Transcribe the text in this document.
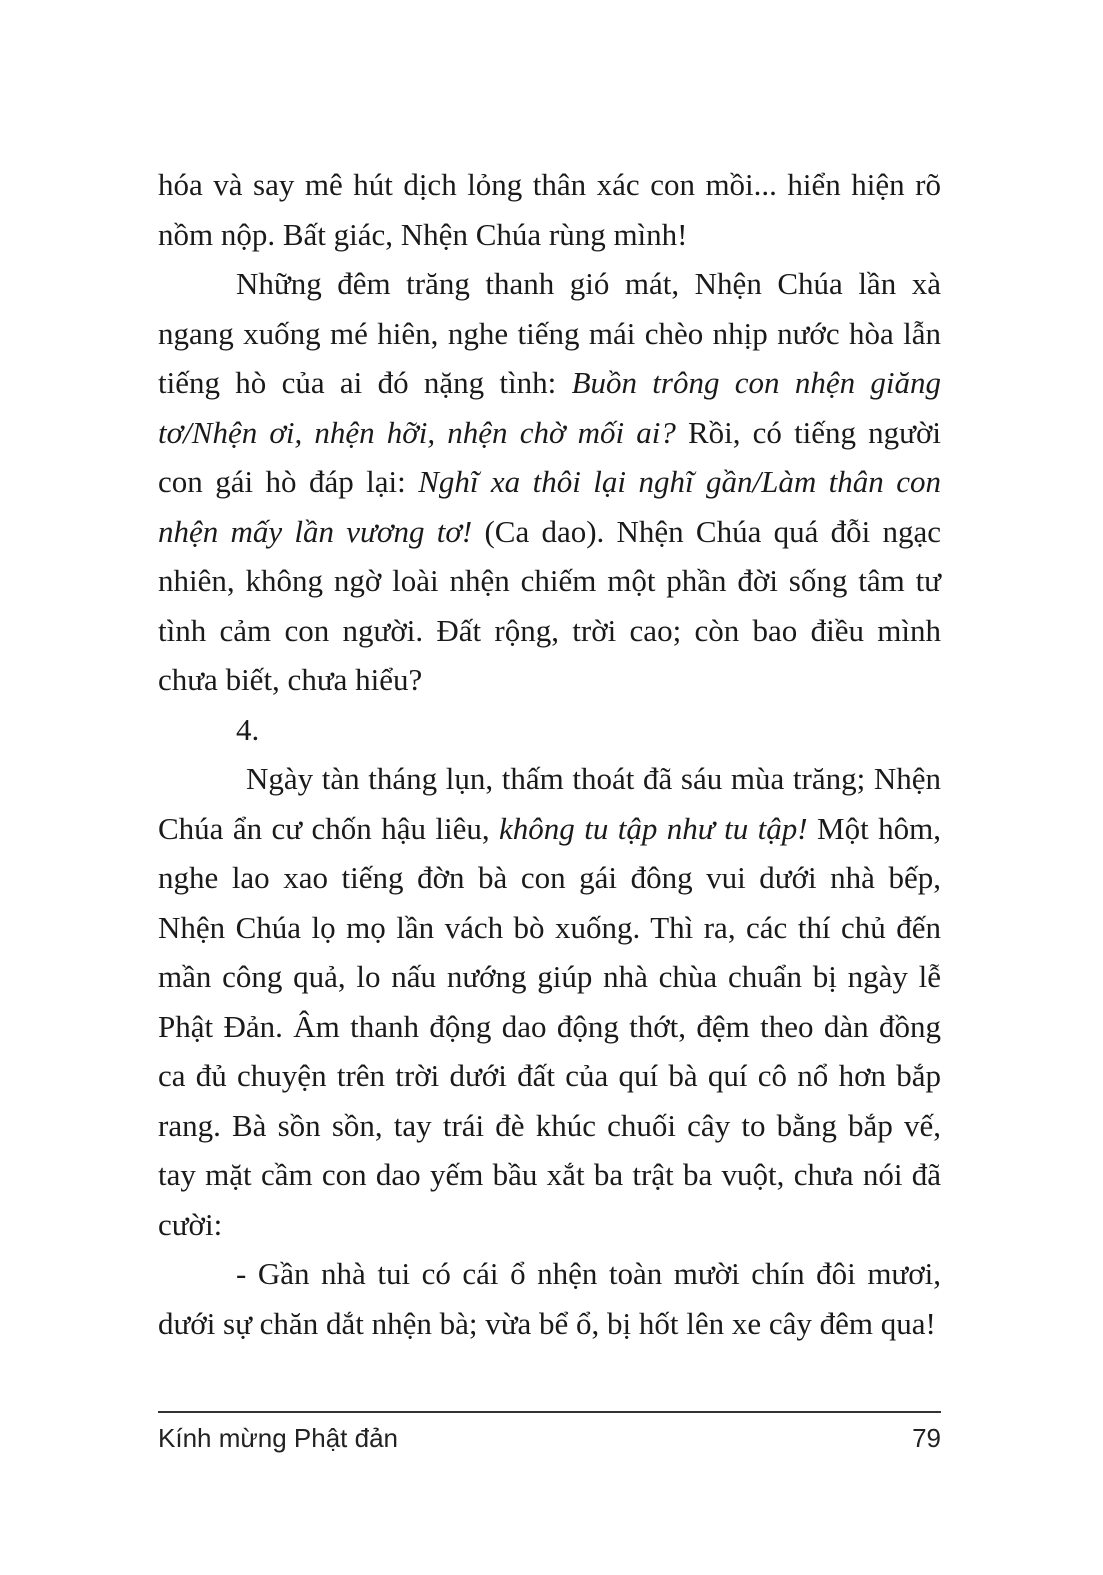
hóa và say mê hút dịch lỏng thân xác con mồi... hiển hiện rõ nồm nộp. Bất giác, Nhện Chúa rùng mình!

Những đêm trăng thanh gió mát, Nhện Chúa lần xà ngang xuống mé hiên, nghe tiếng mái chèo nhịp nước hòa lẫn tiếng hò của ai đó nặng tình: Buồn trông con nhện giăng tơ/Nhện ơi, nhện hỡi, nhện chờ mối ai? Rồi, có tiếng người con gái hò đáp lại: Nghĩ xa thôi lại nghĩ gần/Làm thân con nhện mấy lần vương tơ! (Ca dao). Nhện Chúa quá đỗi ngạc nhiên, không ngờ loài nhện chiếm một phần đời sống tâm tư tình cảm con người. Đất rộng, trời cao; còn bao điều mình chưa biết, chưa hiểu?

4.

Ngày tàn tháng lụn, thấm thoát đã sáu mùa trăng; Nhện Chúa ẩn cư chốn hậu liêu, không tu tập như tu tập! Một hôm, nghe lao xao tiếng đờn bà con gái đông vui dưới nhà bếp, Nhện Chúa lọ mọ lần vách bò xuống. Thì ra, các thí chủ đến mần công quả, lo nấu nướng giúp nhà chùa chuẩn bị ngày lễ Phật Đản. Âm thanh động dao động thớt, đệm theo dàn đồng ca đủ chuyện trên trời dưới đất của quí bà quí cô nổ hơn bắp rang. Bà sồn sồn, tay trái đè khúc chuối cây to bằng bắp vế, tay mặt cầm con dao yếm bầu xắt ba trật ba vuột, chưa nói đã cười:

- Gần nhà tui có cái ổ nhện toàn mười chín đôi mươi, dưới sự chăn dắt nhện bà; vừa bể ổ, bị hốt lên xe cây đêm qua!

Kính mừng Phật đản	79
